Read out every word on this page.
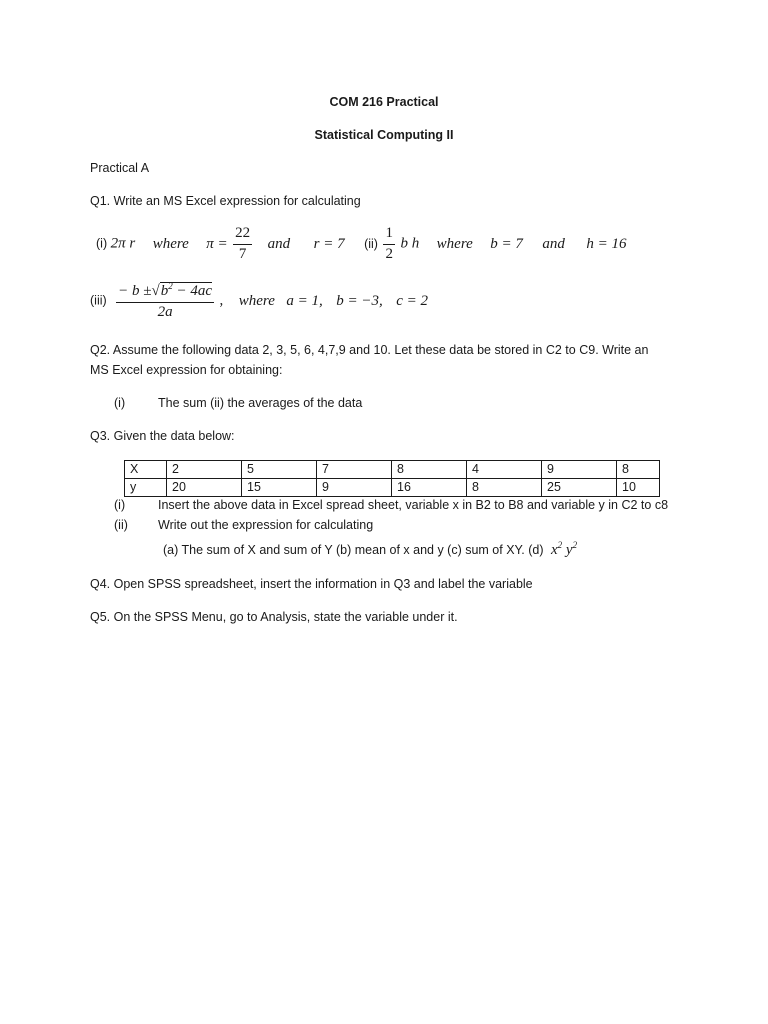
COM 216 Practical
Statistical Computing II
Practical A
Q1. Write an MS Excel expression for calculating
(i) 2π r where $\pi = \frac{22}{7}$ and r = 7 $(ii) \frac{1}{2}$ b h where b = 7 and h = 16
$(iii) \frac{- b \pm√b^2 - 4ac}{2a}$ , where a = 1, b = −3, c = 2
Q2. Assume the following data 2, 3, 5, 6, 4,7,9 and 10. Let these data be stored in C2 to C9. Write an
MS Excel expression for obtaining:
(i)	The sum (ii) the averages of the data
Q3. Given the data below:
X	2	5	7	8	4	9	8
y	20	15	9	16	8	25	10
(i)	Insert the above data in Excel spread sheet, variable x in B2 to B8 and variable y in C2 to c8
(ii) Write out the expression for calculating
(a) The sum of X and sum of Y (b) mean of x and y (c) sum of XY. (d) $x^2$ $y^2$
Q4. Open SPSS spreadsheet, insert the information in Q3 and label the variable
Q5. On the SPSS Menu, go to Analysis, state the variable under it.
